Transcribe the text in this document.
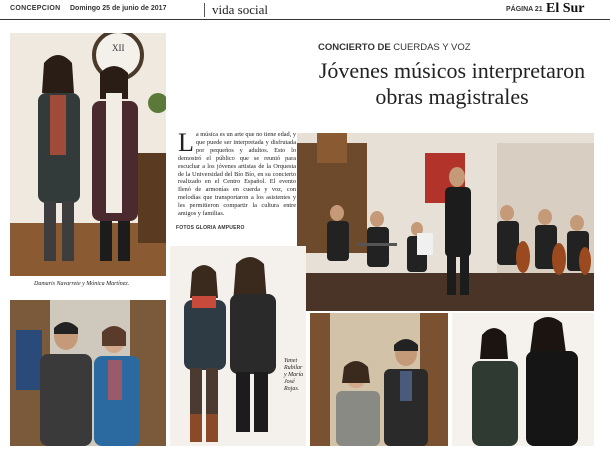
CONCEPCION Domingo 25 de junio de 2017	vida social	PÁGINA 21 El Sur
XII
Damaris Navarrete y Mónica Martínez.
CONCIERTO DE CUERDAS Y VOZ
Jóvenes músicos interpretaron obras magistrales
La música es un arte que no tiene edad, y que puede ser interpretada y disfrutada por pequeños y adultos. Esto lo demostró el público que se reunió para escuchar a los jóvenes artistas de la Orquesta de la Universidad del Bío Bío, en su concierto realizado en el Centro Español. El evento Ilenó de armonías en cuerda y voz, con melodías que transportaron a los asistentes y les permitieron compartir la cultura entre amigos y familias.
FOTOS GLORIA AMPUERO
Yanet Rubilar y María José Rojas.
